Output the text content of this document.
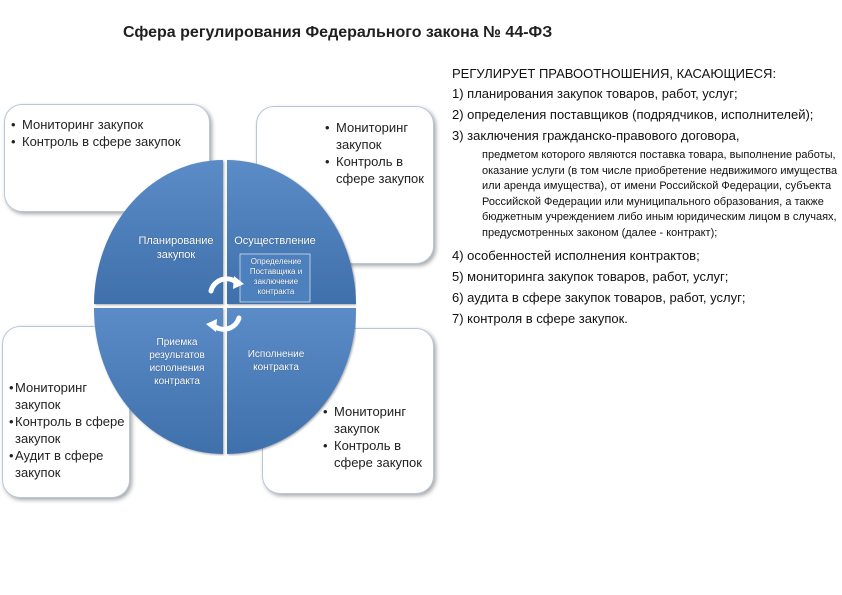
Сфера регулирования Федерального закона № 44-ФЗ
• Мониторинг закупок
• Контроль в сфере закупок
• Мониторинг закупок
• Контроль в сфере закупок
• Мониторинг закупок
• Контроль в сфере закупок
• Аудит в сфере закупок
• Мониторинг закупок
• Контроль в сфере закупок
Планирование закупок
Осуществление
Определение Поставщика и заключение контракта
Приемка результатов исполнения контракта
Исполнение контракта
РЕГУЛИРУЕТ ПРАВООТНОШЕНИЯ, КАСАЮЩИЕСЯ:
1) планирования закупок товаров, работ, услуг;
2) определения поставщиков (подрядчиков, исполнителей);
3) заключения гражданско-правового договора,
предметом которого являются поставка товара, выполнение работы, оказание услуги (в том числе приобретение недвижимого имущества или аренда имущества), от имени Российской Федерации, субъекта Российской Федерации или муниципального образования, а также бюджетным учреждением либо иным юридическим лицом в случаях, предусмотренных законом (далее - контракт);
4) особенностей исполнения контрактов;
5) мониторинга закупок товаров, работ, услуг;
6) аудита в сфере закупок товаров, работ, услуг;
7) контроля в сфере закупок.
